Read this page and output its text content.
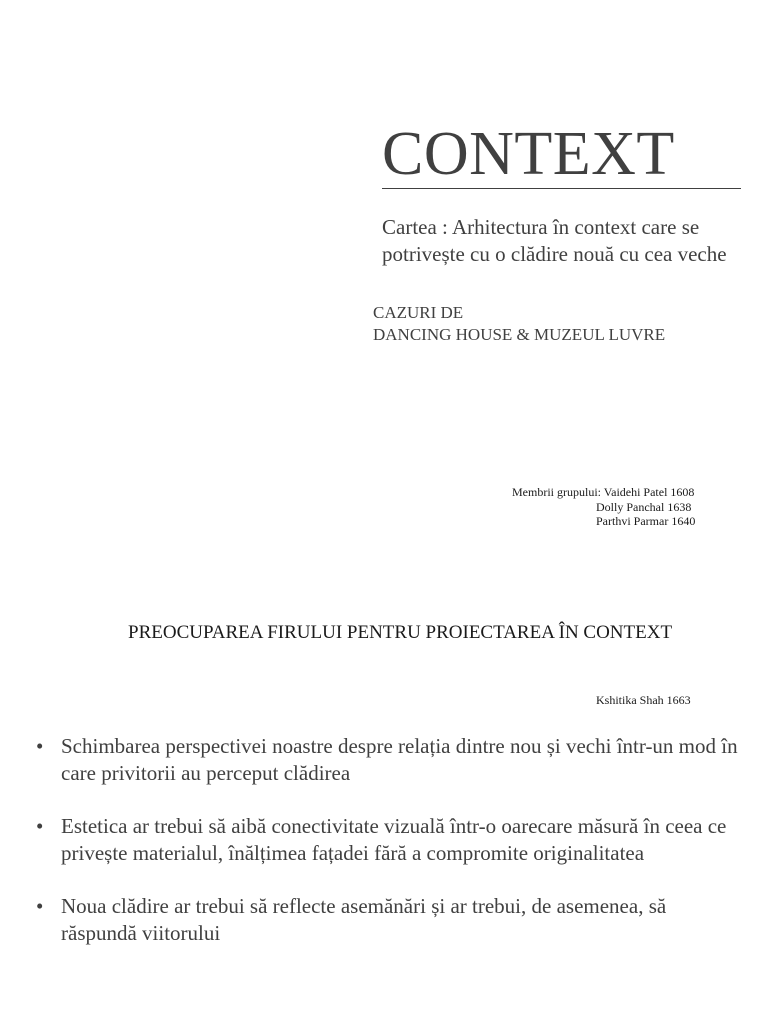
CONTEXT
Cartea : Arhitectura în context care se potrivește cu o clădire nouă cu cea veche
CAZURI DE
DANCING HOUSE & MUZEUL LUVRE
Membrii grupului: Vaidehi Patel 1608
Dolly Panchal 1638
Parthvi Parmar 1640
PREOCUPAREA FIRULUI PENTRU PROIECTAREA ÎN CONTEXT
Kshitika Shah 1663
• Schimbarea perspectivei noastre despre relația dintre nou și vechi într-un mod în care privitorii au perceput clădirea
• Estetica ar trebui să aibă conectivitate vizuală într-o oarecare măsură în ceea ce privește materialul, înălțimea fațadei fără a compromite originalitatea
• Noua clădire ar trebui să reflecte asemănări și ar trebui, de asemenea, să răspundă viitorului
